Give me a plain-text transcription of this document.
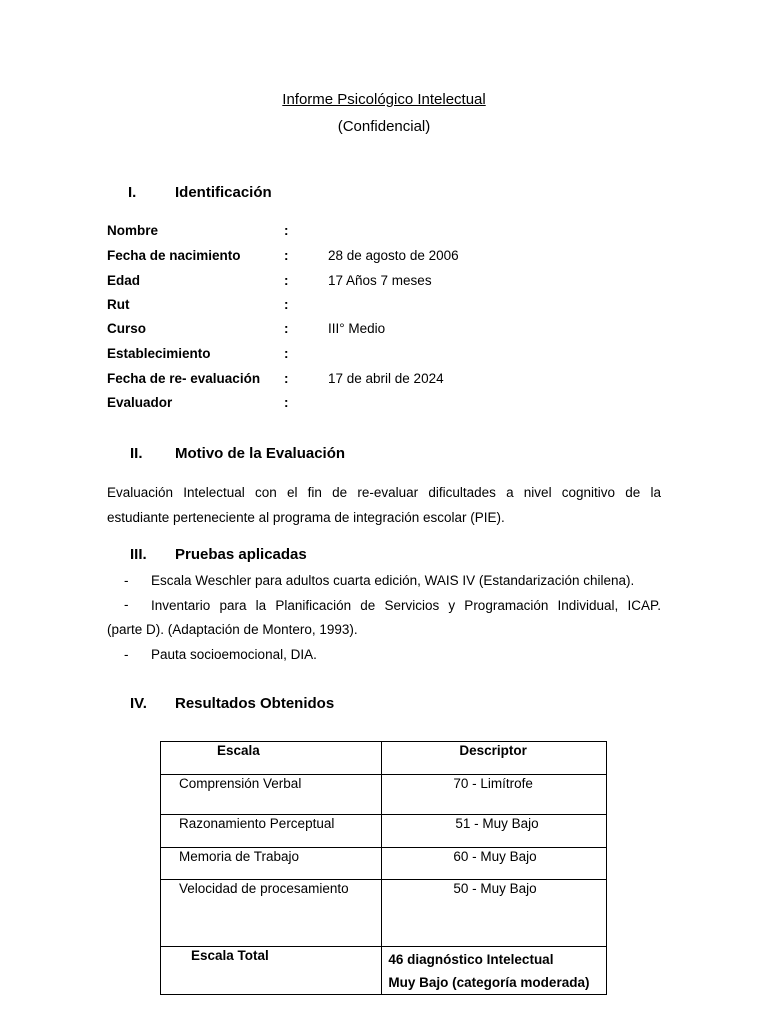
Informe Psicológico Intelectual
(Confidencial)
I.	Identificación
Nombre	:
Fecha de nacimiento	:	28 de agosto de 2006
Edad	:	17 Años 7 meses
Rut	:
Curso	:	III° Medio
Establecimiento	:
Fecha de re- evaluación :	17 de abril de 2024
Evaluador	:
II. Motivo de la Evaluación
Evaluación Intelectual con el fin de re-evaluar dificultades a nivel cognitivo de la
estudiante perteneciente al programa de integración escolar (PIE).
III. Pruebas aplicadas
- Escala Weschler para adultos cuarta edición, WAIS IV (Estandarización chilena).
- Inventario para la Planificación de Servicios y Programación Individual, ICAP.
(parte D). (Adaptación de Montero, 1993).
- Pauta socioemocional, DIA.
IV. Resultados Obtenidos
Escala	Descriptor

Comprensión Verbal	70 - Limítrofe

Razonamiento Perceptual	51 - Muy Bajo

Memoria de Trabajo	60 - Muy Bajo

Velocidad de procesamiento	50 - Muy Bajo

Escala Total	46 diagnóstico Intelectual
Muy Bajo (categoría moderada)
